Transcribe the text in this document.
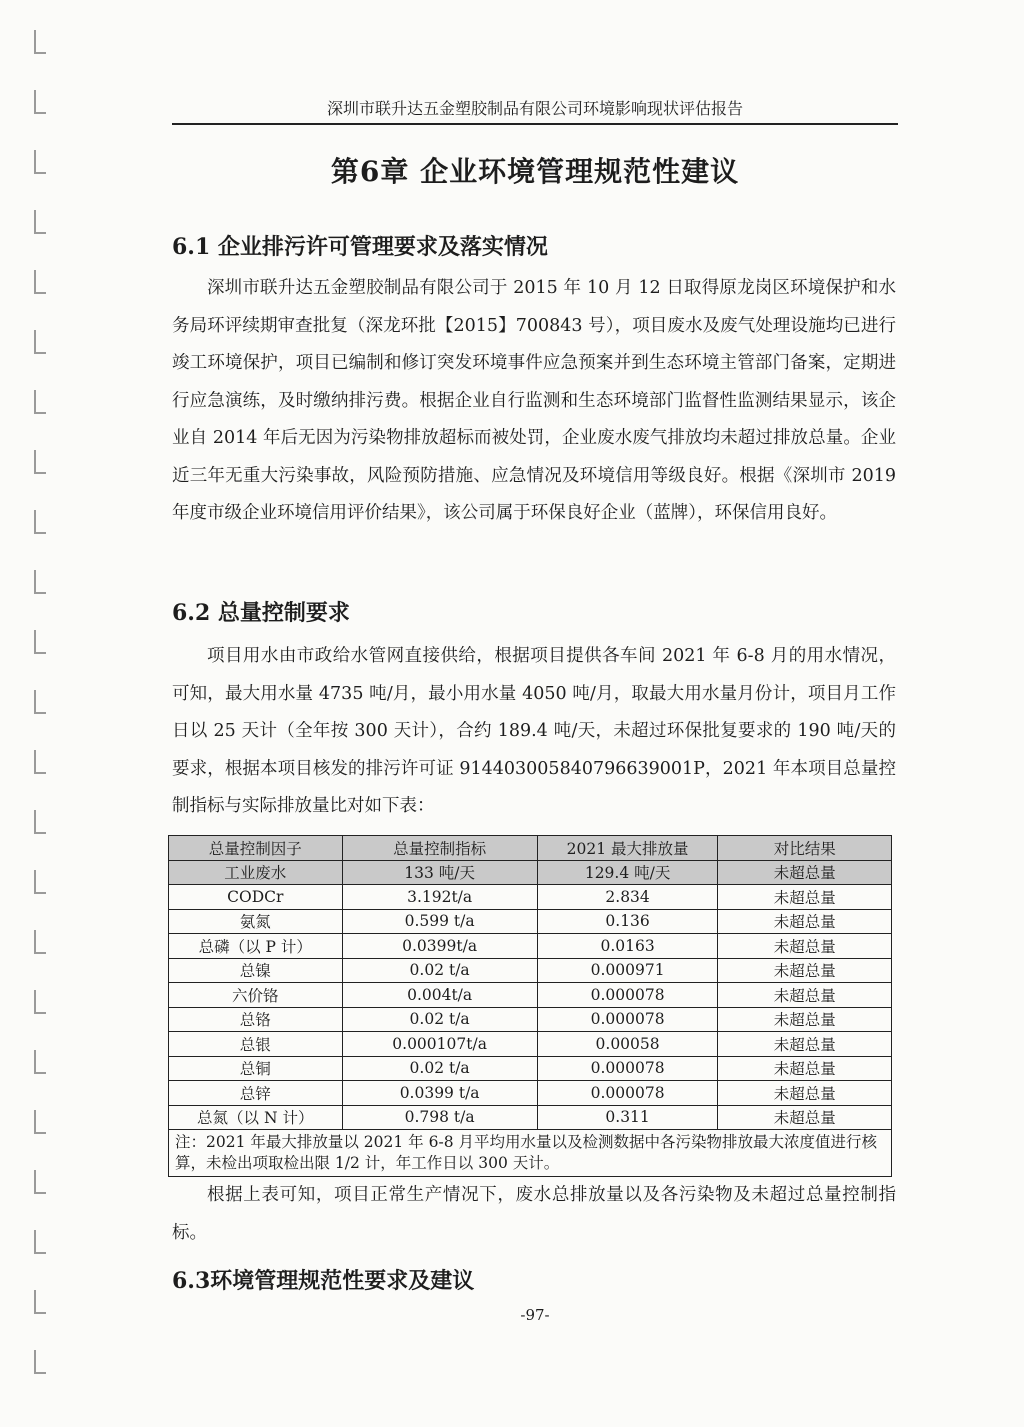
深圳市联升达五金塑胶制品有限公司环境影响现状评估报告
第6章 企业环境管理规范性建议
6.1 企业排污许可管理要求及落实情况

深圳市联升达五金塑胶制品有限公司于 2015 年 10 月 12 日取得原龙岗区环境保护和水务局环评续期审查批复（深龙环批【2015】700843 号），项目废水及废气处理设施均已进行竣工环境保护，项目已编制和修订突发环境事件应急预案并到生态环境主管部门备案，定期进行应急演练，及时缴纳排污费。根据企业自行监测和生态环境部门监督性监测结果显示，该企业自 2014 年后无因为污染物排放超标而被处罚，企业废水废气排放均未超过排放总量。企业近三年无重大污染事故，风险预防措施、应急情况及环境信用等级良好。根据《深圳市 2019 年度市级企业环境信用评价结果》，该公司属于环保良好企业（蓝牌），环保信用良好。

6.2 总量控制要求

项目用水由市政给水管网直接供给，根据项目提供各车间 2021 年 6-8 月的用水情况，可知，最大用水量 4735 吨/月，最小用水量 4050 吨/月，取最大用水量月份计，项目月工作日以 25 天计（全年按 300 天计），合约 189.4 吨/天，未超过环保批复要求的 190 吨/天的要求，根据本项目核发的排污许可证 91440300584079663900​1P，2021 年本项目总量控制指标与实际排放量比对如下表：

总量控制因子	总量控制指标	2021 最大排放量	对比结果
工业废水	133 吨/天	129.4 吨/天	未超总量
CODCr	3.192t/a	2.834	未超总量
氨氮	0.599 t/a	0.136	未超总量
总磷（以 P 计）	0.0399t/a	0.0163	未超总量
总镍	0.02 t/a	0.000971	未超总量
六价铬	0.004t/a	0.000078	未超总量
总铬	0.02 t/a	0.000078	未超总量
总银	0.000107t/a	0.00058	未超总量
总铜	0.02 t/a	0.000078	未超总量
总锌	0.0399 t/a	0.000078	未超总量
总氮（以 N 计）	0.798 t/a	0.311	未超总量
注：2021 年最大排放量以 2021 年 6-8 月平均用水量以及检测数据中各污染物排放最大浓度值进行核算，未检出项取检出限 1/2 计，年工作日以 300 天计。			

根据上表可知，项目正常生产情况下，废水总排放量以及各污染物及未超过总量控制指标。

6.3环境管理规范性要求及建议
-97-
